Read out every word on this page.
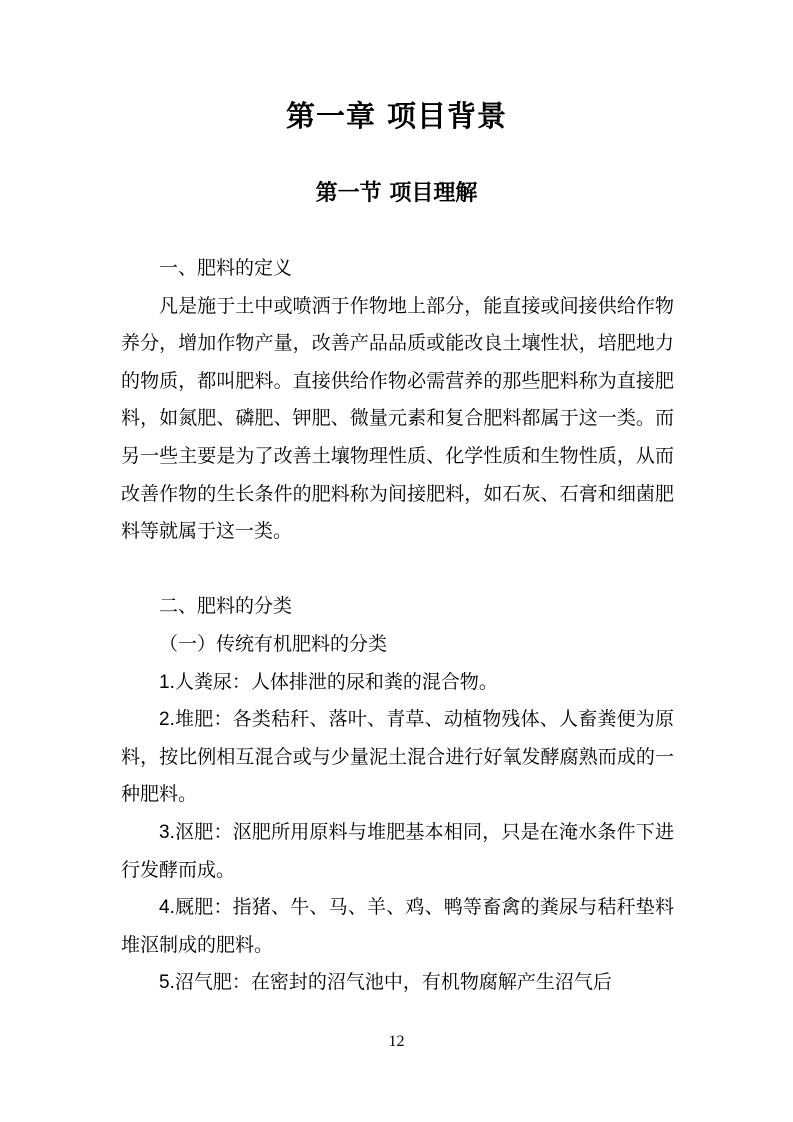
第一章 项目背景
第一节 项目理解

一、肥料的定义

凡是施于土中或喷洒于作物地上部分，能直接或间接供给作物养分，增加作物产量，改善产品品质或能改良土壤性状，培肥地力的物质，都叫肥料。直接供给作物必需营养的那些肥料称为直接肥料，如氮肥、磷肥、钾肥、微量元素和复合肥料都属于这一类。而另一些主要是为了改善土壤物理性质、化学性质和生物性质，从而改善作物的生长条件的肥料称为间接肥料，如石灰、石膏和细菌肥料等就属于这一类。

二、肥料的分类

（一）传统有机肥料的分类

1.人粪尿：人体排泄的尿和粪的混合物。

2.堆肥：各类秸秆、落叶、青草、动植物残体、人畜粪便为原料，按比例相互混合或与少量泥土混合进行好氧发酵腐熟而成的一种肥料。

3.沤肥：沤肥所用原料与堆肥基本相同，只是在淹水条件下进行发酵而成。

4.厩肥：指猪、牛、马、羊、鸡、鸭等畜禽的粪尿与秸秆垫料堆沤制成的肥料。

5.沼气肥：在密封的沼气池中，有机物腐解产生沼气后

12
